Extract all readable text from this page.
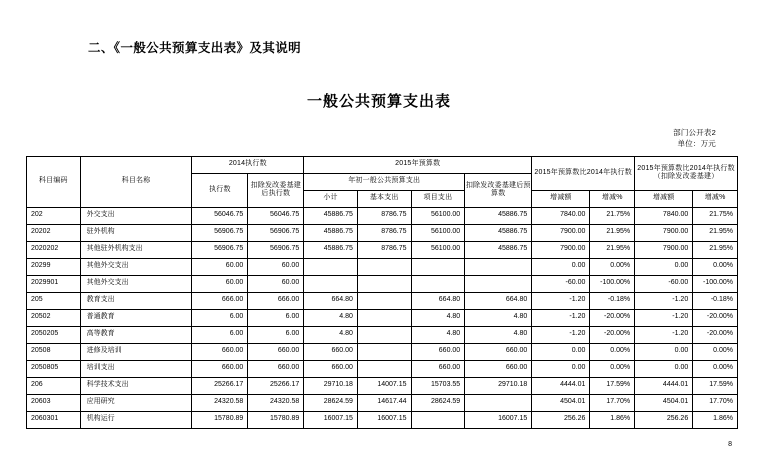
二、《一般公共预算支出表》及其说明
一般公共预算支出表
部门公开表2
单位：万元
科目编码	科目名称	2014执行数		2015年预算数				2015年预算数比2014年执行数		2015年预算数比2014年执行数（扣除发改委基建）	
		执行数	扣除发改委基建后执行数	年初一般公共预算支出			扣除发改委基建后预算数				
				小计	基本支出	项目支出		增减额	增减%	增减额	增减%
202	外交支出	56046.75	56046.75	45886.75	8786.75	56100.00	45886.75	7840.00	21.75%	7840.00	21.75%
20202	驻外机构	56906.75	56906.75	45886.75	8786.75	56100.00	45886.75	7900.00	21.95%	7900.00	21.95%
2020202	其他驻外机构支出	56906.75	56906.75	45886.75	8786.75	56100.00	45886.75	7900.00	21.95%	7900.00	21.95%
20299	其他外交支出	60.00	60.00					0.00	0.00%	0.00	0.00%
2029901	其他外交支出	60.00	60.00					-60.00	-100.00%	-60.00	-100.00%
205	教育支出	666.00	666.00	664.80		664.80	664.80	-1.20	-0.18%	-1.20	-0.18%
20502	普通教育	6.00	6.00	4.80		4.80	4.80	-1.20	-20.00%	-1.20	-20.00%
2050205	高等教育	6.00	6.00	4.80		4.80	4.80	-1.20	-20.00%	-1.20	-20.00%
20508	进修及培训	660.00	660.00	660.00		660.00	660.00	0.00	0.00%	0.00	0.00%
2050805	培训支出	660.00	660.00	660.00		660.00	660.00	0.00	0.00%	0.00	0.00%
206	科学技术支出	25266.17	25266.17	29710.18	14007.15	15703.55	29710.18	4444.01	17.59%	4444.01	17.59%
20603	应用研究	24320.58	24320.58	28624.59	14617.44	28624.59		4504.01	17.70%	4504.01	17.70%
2060301	机构运行	15780.89	15780.89	16007.15	16007.15		16007.15	256.26	1.86%	256.26	1.86%
8
